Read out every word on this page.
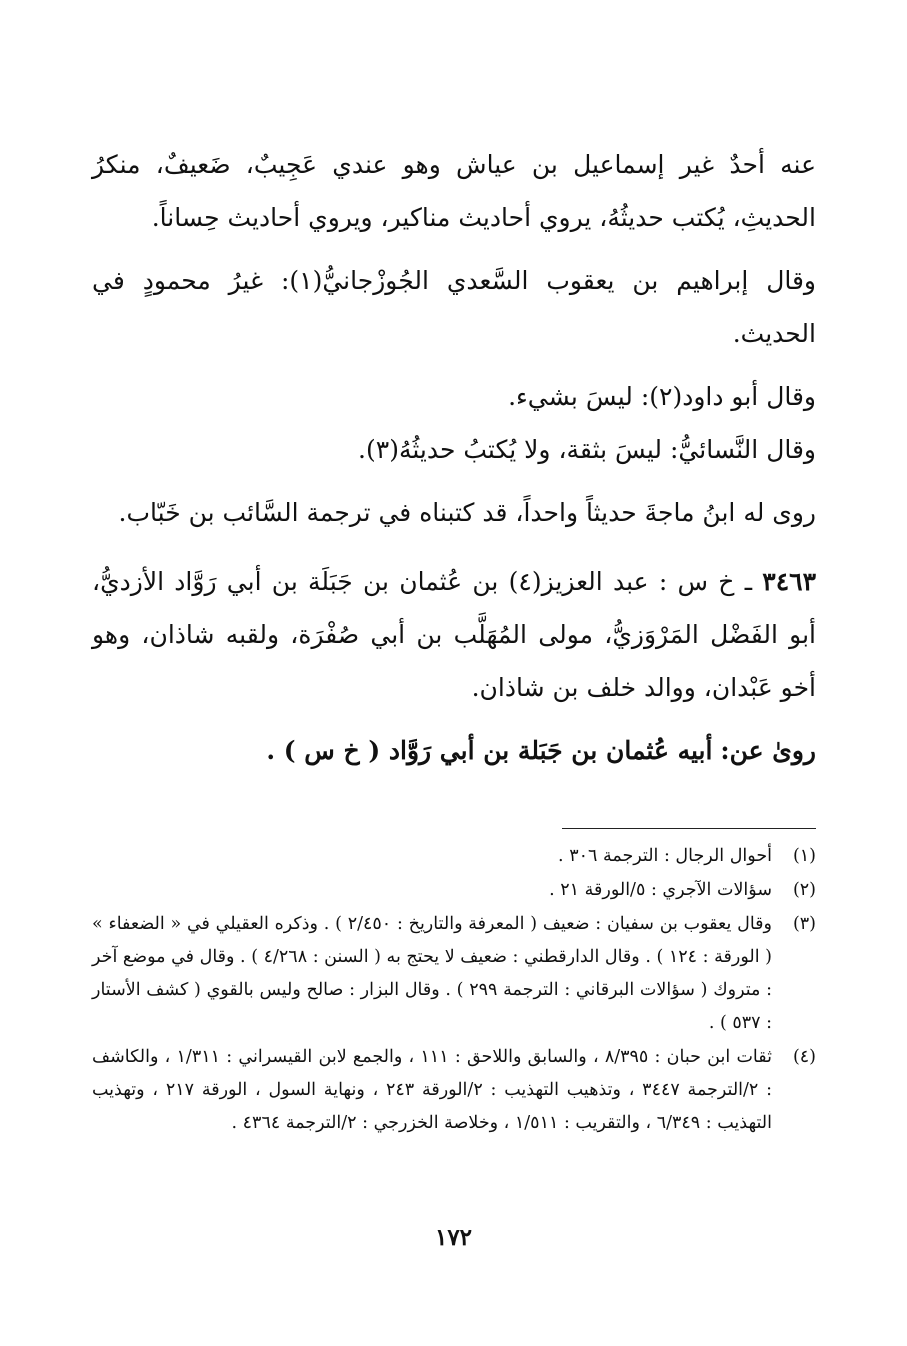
عنه أحدٌ غير إسماعيل بن عياش وهو عندي عَجِيبٌ، ضَعيفٌ، منكرُ الحديثِ، يُكتب حديثُهُ، يروي أحاديث مناكير، ويروي أحاديث حِساناً.

وقال إبراهيم بن يعقوب السَّعدي الجُوزْجانيُّ(١): غيرُ محمودٍ في الحديث.

وقال أبو داود(٢): ليسَ بشيء.

وقال النَّسائيُّ: ليسَ بثقة، ولا يُكتبُ حديثُهُ(٣).

روى له ابنُ ماجةَ حديثاً واحداً، قد كتبناه في ترجمة السَّائب بن خَبّاب.

٣٤٦٣ ـ خ س : عبد العزيز(٤) بن عُثمان بن جَبَلَة بن أبي رَوَّاد الأزديُّ، أبو الفَضْل المَرْوَزيُّ، مولى المُهَلَّب بن أبي صُفْرَة، ولقبه شاذان، وهو أخو عَبْدان، ووالد خلف بن شاذان.

روىٰ عن: أبيه عُثمان بن جَبَلة بن أبي رَوَّاد ( خ س ) .

(١)
أحوال الرجال : الترجمة ٣٠٦ .
(٢)
سؤالات الآجري : ٥/الورقة ٢١ .
(٣)
وقال يعقوب بن سفيان : ضعيف ( المعرفة والتاريخ : ٢/٤٥٠ ) . وذكره العقيلي في « الضعفاء » ( الورقة : ١٢٤ ) . وقال الدارقطني : ضعيف لا يحتج به ( السنن : ٤/٢٦٨ ) . وقال في موضع آخر : متروك ( سؤالات البرقاني : الترجمة ٢٩٩ ) . وقال البزار : صالح وليس بالقوي ( كشف الأستار : ٥٣٧ ) .
(٤)
ثقات ابن حبان : ٨/٣٩٥ ، والسابق واللاحق : ١١١ ، والجمع لابن القيسراني : ١/٣١١ ، والكاشف : ٢/الترجمة ٣٤٤٧ ، وتذهيب التهذيب : ٢/الورقة ٢٤٣ ، ونهاية السول ، الورقة ٢١٧ ، وتهذيب التهذيب : ٦/٣٤٩ ، والتقريب : ١/٥١١ ، وخلاصة الخزرجي : ٢/الترجمة ٤٣٦٤ .
١٧٢
